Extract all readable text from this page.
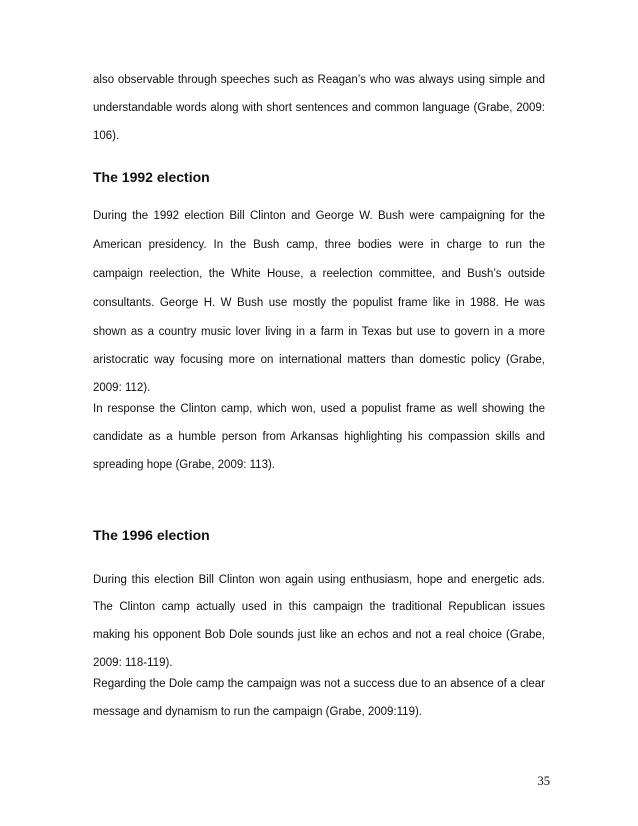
also observable through speeches such as Reagan’s who was always using simple and
understandable words along with short sentences and common language (Grabe, 2009:
106).
The 1992 election
During the 1992 election Bill Clinton and George W. Bush were campaigning for the
American presidency. In the Bush camp, three bodies were in charge to run the
campaign reelection, the White House, a reelection committee, and Bush’s outside
consultants. George H. W Bush use mostly the populist frame like in 1988. He was
shown as a country music lover living in a farm in Texas but use to govern in a more
aristocratic way focusing more on international matters than domestic policy (Grabe,
2009: 112).
In response the Clinton camp, which won, used a populist frame as well showing the
candidate as a humble person from Arkansas highlighting his compassion skills and
spreading hope (Grabe, 2009: 113).
The 1996 election
During this election Bill Clinton won again using enthusiasm, hope and energetic ads.
The Clinton camp actually used in this campaign the traditional Republican issues
making his opponent Bob Dole sounds just like an echos and not a real choice (Grabe,
2009: 118-119).
Regarding the Dole camp the campaign was not a success due to an absence of a clear
message and dynamism to run the campaign (Grabe, 2009:119).
35
